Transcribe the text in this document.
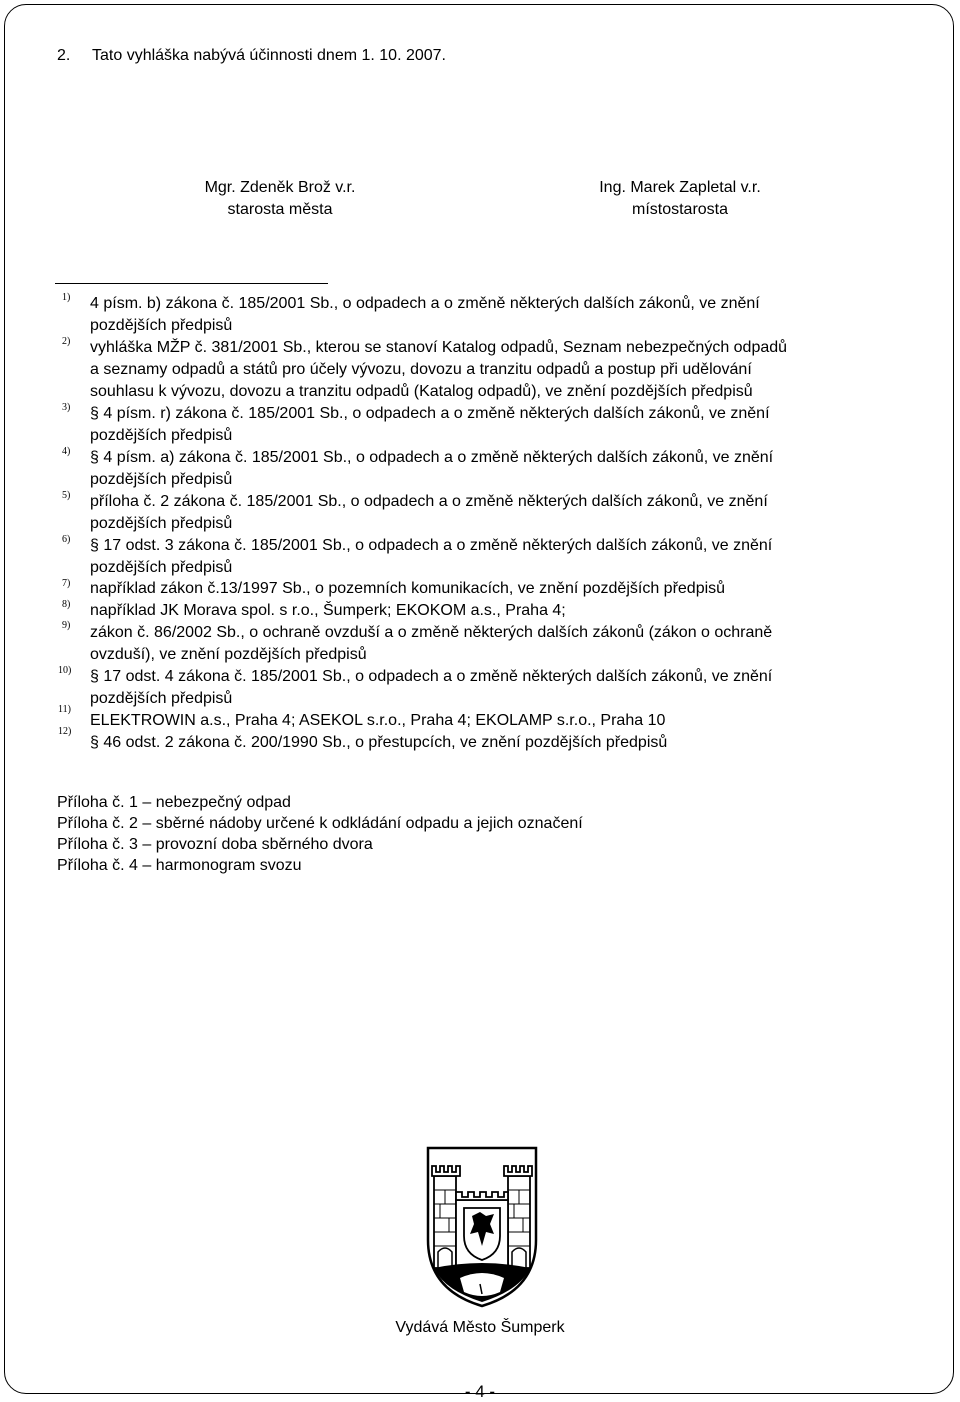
2. Tato vyhláška nabývá účinnosti dnem 1. 10. 2007.
Mgr. Zdeněk Brož v.r.
starosta města
Ing. Marek Zapletal v.r.
místostarosta
1) 4 písm. b) zákona č. 185/2001 Sb., o odpadech a o změně některých dalších zákonů, ve znění
pozdějších předpisů
2) vyhláška MŽP č. 381/2001 Sb., kterou se stanoví Katalog odpadů, Seznam nebezpečných odpadů
a seznamy odpadů a států pro účely vývozu, dovozu a tranzitu odpadů a postup při udělování
souhlasu k vývozu, dovozu a tranzitu odpadů (Katalog odpadů), ve znění pozdějších předpisů
3) § 4 písm. r) zákona č. 185/2001 Sb., o odpadech a o změně některých dalších zákonů, ve znění
pozdějších předpisů
4) § 4 písm. a) zákona č. 185/2001 Sb., o odpadech a o změně některých dalších zákonů, ve znění
pozdějších předpisů
5) příloha č. 2 zákona č. 185/2001 Sb., o odpadech a o změně některých dalších zákonů, ve znění
pozdějších předpisů
6) § 17 odst. 3 zákona č. 185/2001 Sb., o odpadech a o změně některých dalších zákonů, ve znění
pozdějších předpisů
7) například zákon č.13/1997 Sb., o pozemních komunikacích, ve znění pozdějších předpisů
8) například JK Morava spol. s r.o., Šumperk; EKOKOM a.s., Praha 4;
9) zákon č. 86/2002 Sb., o ochraně ovzduší a o změně některých dalších zákonů (zákon o ochraně
ovzduší), ve znění pozdějších předpisů
10) § 17 odst. 4 zákona č. 185/2001 Sb., o odpadech a o změně některých dalších zákonů, ve znění
pozdějších předpisů
11)
ELEKTROWIN a.s., Praha 4; ASEKOL s.r.o., Praha 4; EKOLAMP s.r.o., Praha 10
12)
§ 46 odst. 2 zákona č. 200/1990 Sb., o přestupcích, ve znění pozdějších předpisů
Příloha č. 1 – nebezpečný odpad
Příloha č. 2 – sběrné nádoby určené k odkládání odpadu a jejich označení
Příloha č. 3 – provozní doba sběrného dvora
Příloha č. 4 – harmonogram svozu
Vydává Město Šumperk
- 4 -
